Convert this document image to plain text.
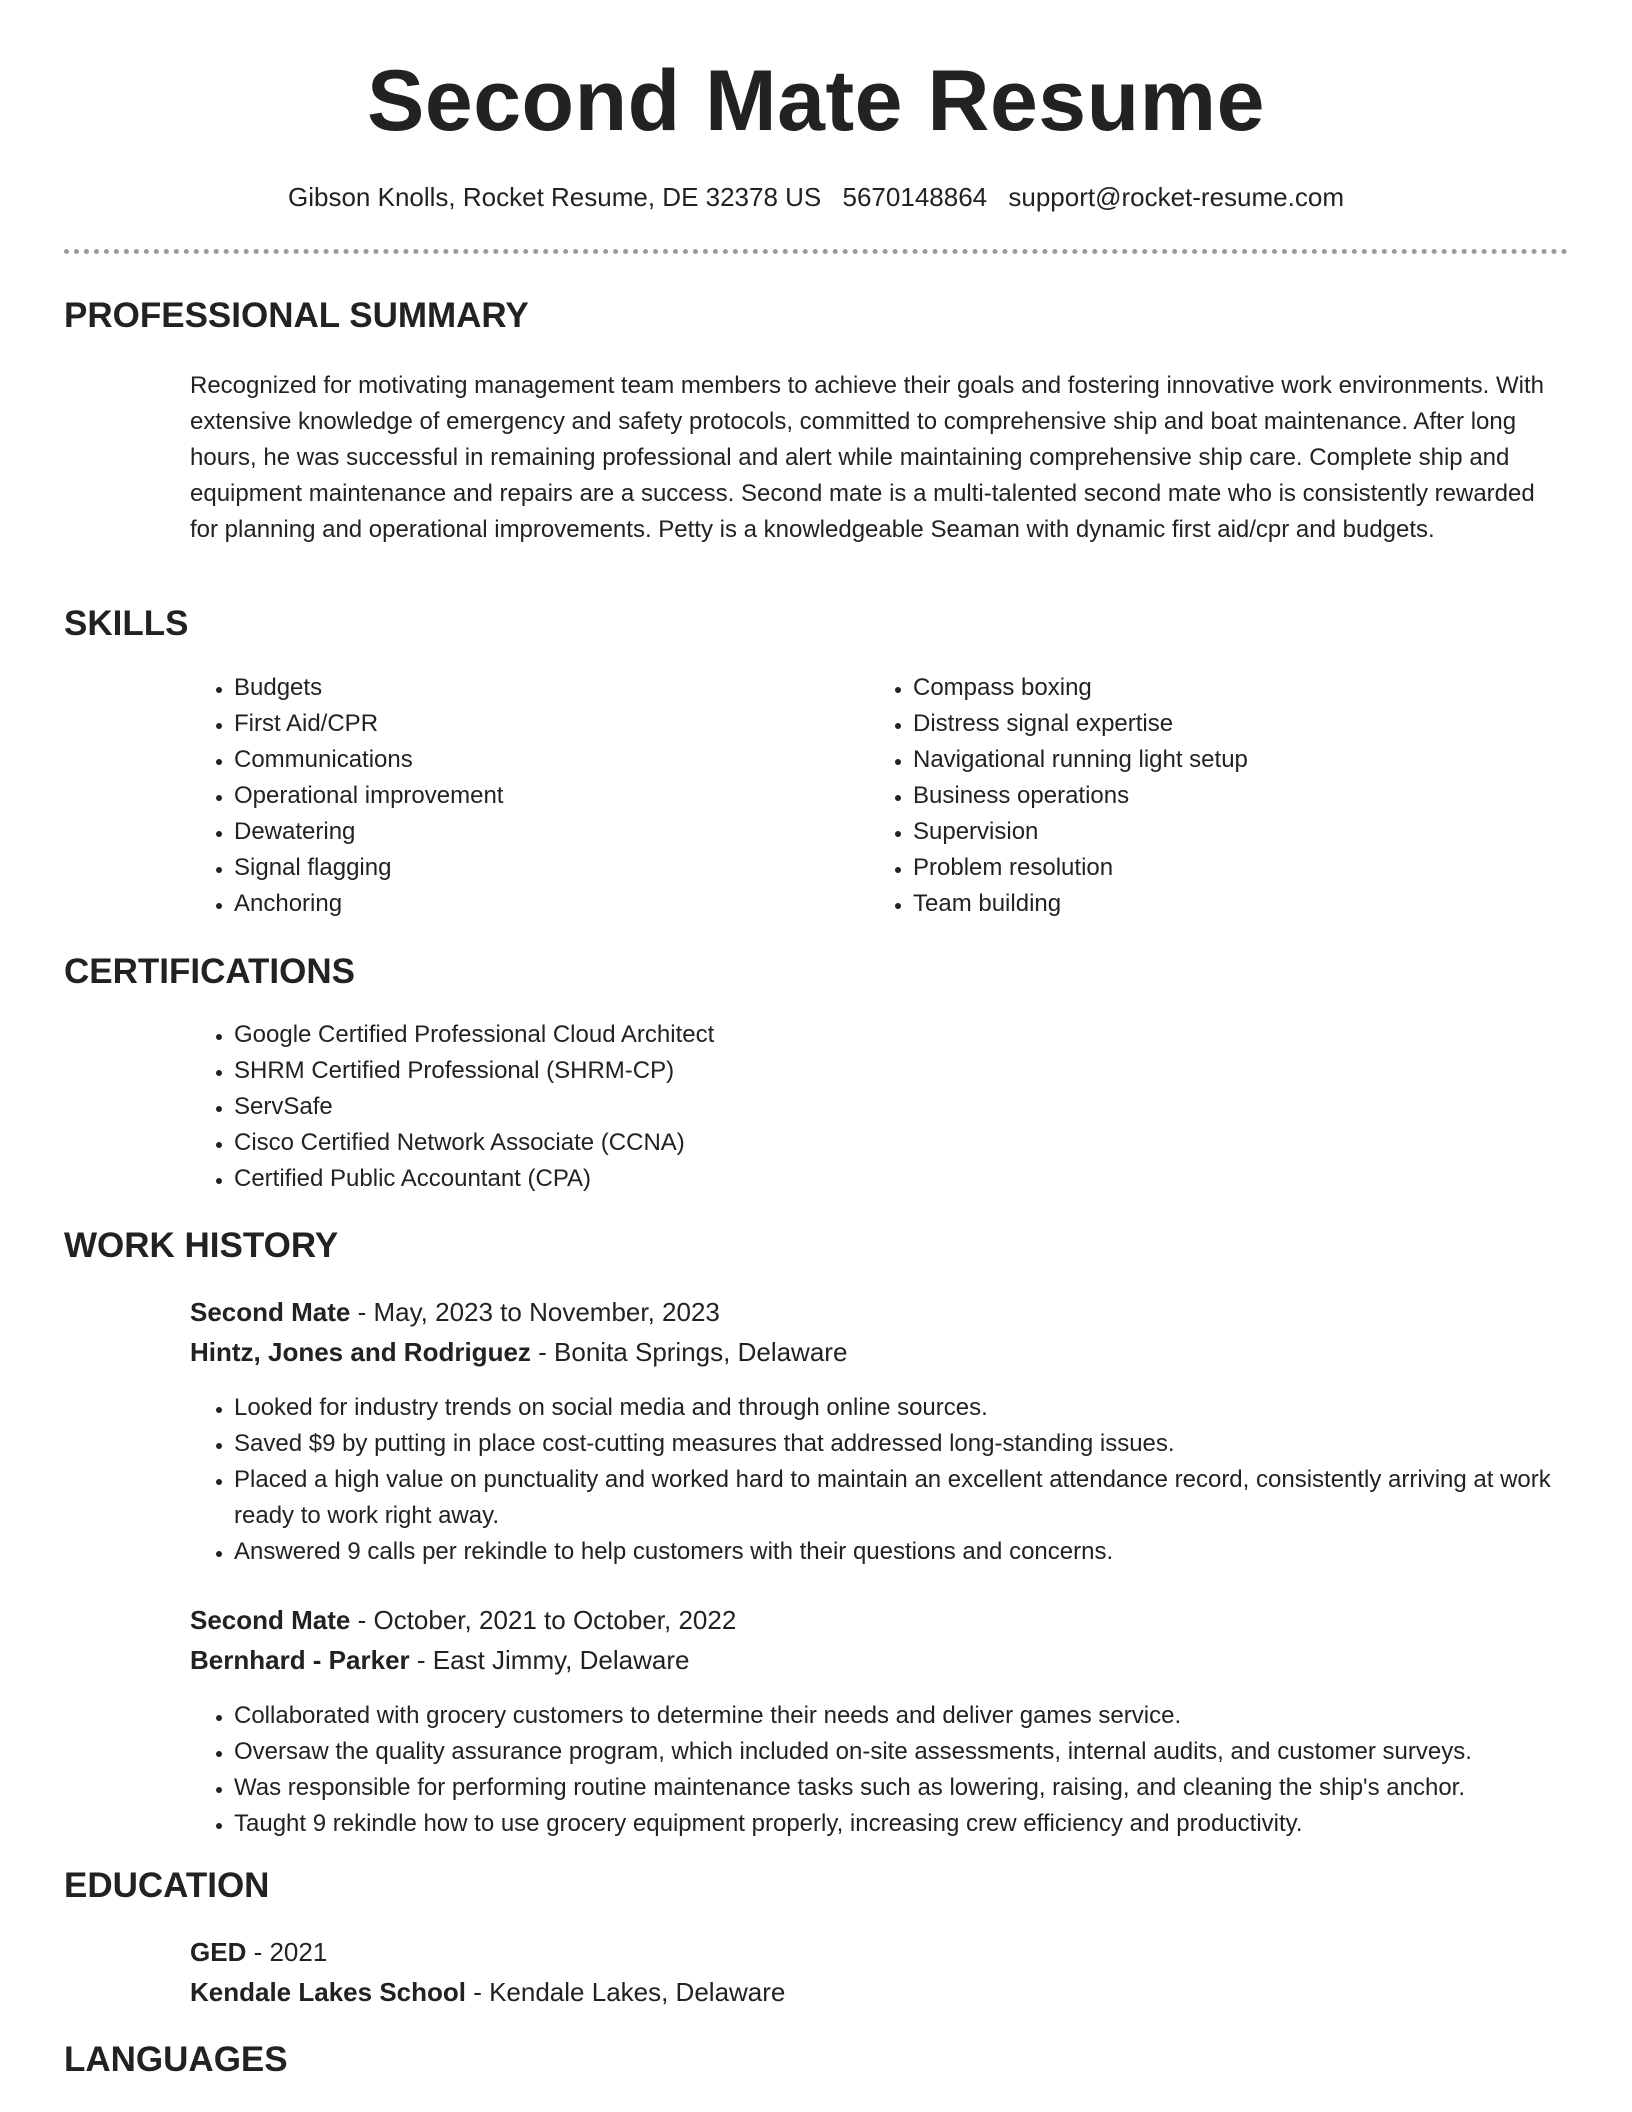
Second Mate Resume
Gibson Knolls, Rocket Resume, DE 32378 US 5670148864 support@rocket-resume.com
PROFESSIONAL SUMMARY
Recognized for motivating management team members to achieve their goals and fostering innovative work environments. With extensive knowledge of emergency and safety protocols, committed to comprehensive ship and boat maintenance. After long hours, he was successful in remaining professional and alert while maintaining comprehensive ship care. Complete ship and equipment maintenance and repairs are a success. Second mate is a multi-talented second mate who is consistently rewarded for planning and operational improvements. Petty is a knowledgeable Seaman with dynamic first aid/cpr and budgets.
SKILLS
• Budgets
• First Aid/CPR
• Communications
• Operational improvement
• Dewatering
• Signal flagging
• Anchoring
• Compass boxing
• Distress signal expertise
• Navigational running light setup
• Business operations
• Supervision
• Problem resolution
• Team building
CERTIFICATIONS
• Google Certified Professional Cloud Architect
• SHRM Certified Professional (SHRM-CP)
• ServSafe
• Cisco Certified Network Associate (CCNA)
• Certified Public Accountant (CPA)
WORK HISTORY
Second Mate - May, 2023 to November, 2023
Hintz, Jones and Rodriguez - Bonita Springs, Delaware
• Looked for industry trends on social media and through online sources.
• Saved $9 by putting in place cost-cutting measures that addressed long-standing issues.
• Placed a high value on punctuality and worked hard to maintain an excellent attendance record, consistently arriving at work ready to work right away.
• Answered 9 calls per rekindle to help customers with their questions and concerns.
Second Mate - October, 2021 to October, 2022
Bernhard - Parker - East Jimmy, Delaware
• Collaborated with grocery customers to determine their needs and deliver games service.
• Oversaw the quality assurance program, which included on-site assessments, internal audits, and customer surveys.
• Was responsible for performing routine maintenance tasks such as lowering, raising, and cleaning the ship's anchor.
• Taught 9 rekindle how to use grocery equipment properly, increasing crew efficiency and productivity.
EDUCATION
GED - 2021
Kendale Lakes School - Kendale Lakes, Delaware
LANGUAGES
